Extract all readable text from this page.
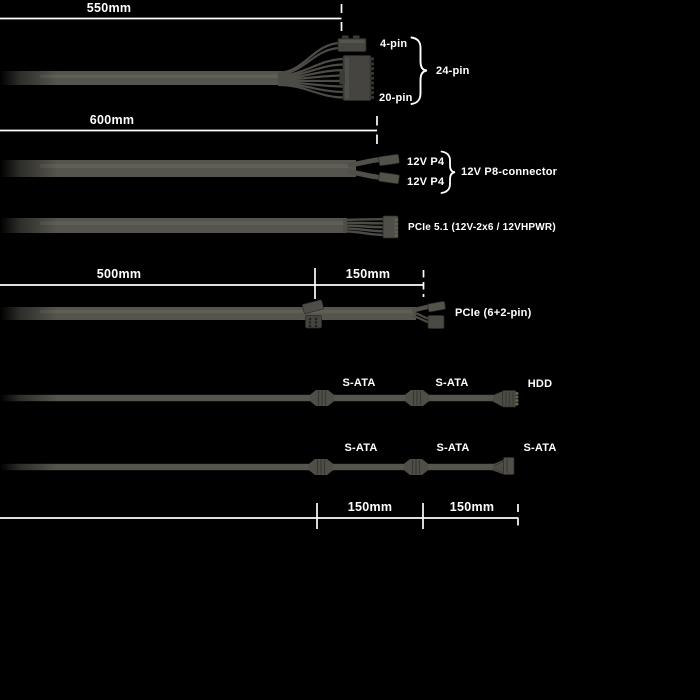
550mm
600mm
500mm	150mm
150mm	150mm
4-pin
20-pin
24-pin
12V P4
12V P4
12V P8-connector
PCIe 5.1 (12V-2x6 / 12VHPWR)
PCIe (6+2-pin)
S-ATA	S-ATA	HDD
S-ATA	S-ATA	S-ATA
